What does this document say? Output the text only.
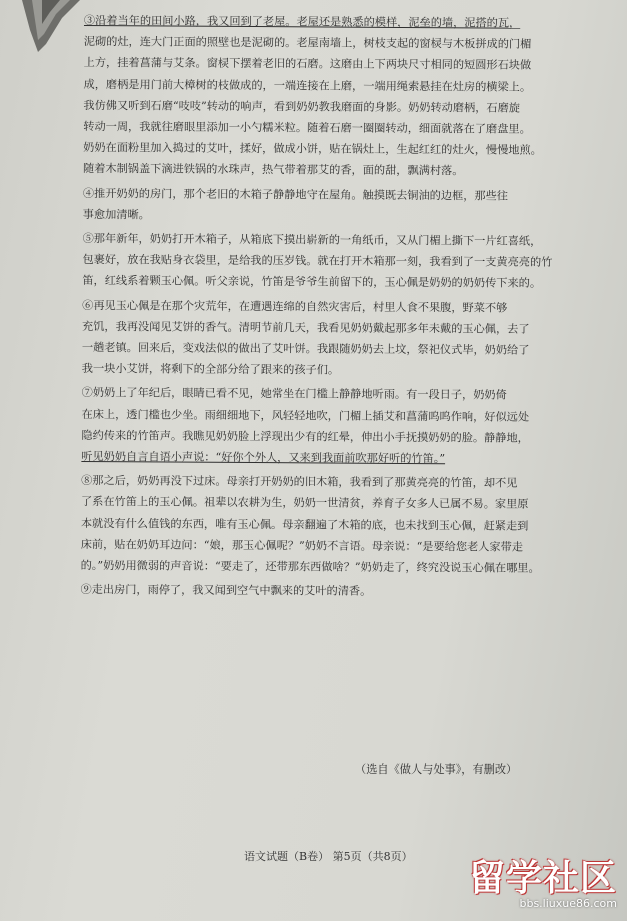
③沿着当年的田间小路，我又回到了老屋。老屋还是熟悉的模样，泥垒的墙，泥搭的瓦，
泥砌的灶，连大门正面的照壁也是泥砌的。老屋南墙上，树枝支起的窗棂与木板拼成的门楣
上方，挂着菖蒲与艾条。窗棂下摆着老旧的石磨。这磨由上下两块尺寸相同的短圆形石块做
成，磨柄是用门前大樟树的枝做成的，一端连接在上磨，一端用绳索悬挂在灶房的横梁上。
我仿佛又听到石磨“吱吱”转动的响声，看到奶奶教我磨面的身影。奶奶转动磨柄，石磨旋
转动一周，我就往磨眼里添加一小勺糯米粒。随着石磨一圈圈转动，细面就落在了磨盘里。
奶奶在面粉里加入捣过的艾叶，揉好，做成小饼，贴在锅灶上，生起红红的灶火，慢慢地煎。
随着木制锅盖下滴进铁锅的水珠声，热气带着那艾的香，面的甜，飘满村落。

④推开奶奶的房门，那个老旧的木箱子静静地守在屋角。触摸既去铜油的边框，那些往
事愈加清晰。

⑤那年新年，奶奶打开木箱子，从箱底下摸出崭新的一角纸币，又从门楣上撕下一片红喜纸，
包裹好，放在我贴身衣袋里，是给我的压岁钱。就在打开木箱那一刻，我看到了一支黄亮亮的竹
笛，红线系着颗玉心佩。听父亲说，竹笛是爷爷生前留下的，玉心佩是奶奶的奶奶传下来的。

⑥再见玉心佩是在那个灾荒年，在遭遇连绵的自然灾害后，村里人食不果腹，野菜不够
充饥，我再没闻见艾饼的香气。清明节前几天，我看见奶奶戴起那多年未戴的玉心佩，去了
一趟老镇。回来后，变戏法似的做出了艾叶饼。我跟随奶奶去上坟，祭祀仪式毕，奶奶给了
我一块小艾饼，将剩下的全部分给了跟来的孩子们。

⑦奶奶上了年纪后，眼睛已看不见，她常坐在门槛上静静地听雨。有一段日子，奶奶倚
在床上，透门槛也少坐。雨细细地下，风轻轻地吹，门楣上插艾和菖蒲呜呜作响，好似远处
隐约传来的竹笛声。我瞧见奶奶脸上浮现出少有的红晕，伸出小手抚摸奶奶的脸。静静地，
听见奶奶自言自语小声说：“好你个外人，又来到我面前吹那好听的竹笛。”

⑧那之后，奶奶再没下过床。母亲打开奶奶的旧木箱，我看到了那黄亮亮的竹笛，却不见
了系在竹笛上的玉心佩。祖辈以农耕为生，奶奶一世清贫，养育子女多人已属不易。家里原
本就没有什么值钱的东西，唯有玉心佩。母亲翻遍了木箱的底，也未找到玉心佩，赶紧走到
床前，贴在奶奶耳边问：“娘，那玉心佩呢？”奶奶不言语。母亲说：“是要给您老人家带走
的。”奶奶用微弱的声音说：“要走了，还带那东西做啥？”奶奶走了，终究没说玉心佩在哪里。

⑨走出房门，雨停了，我又闻到空气中飘来的艾叶的清香。

（选自《做人与处事》，有删改）
语文试题（B卷） 第5页（共8页）
留学社区
bbs.liuxue86.com
